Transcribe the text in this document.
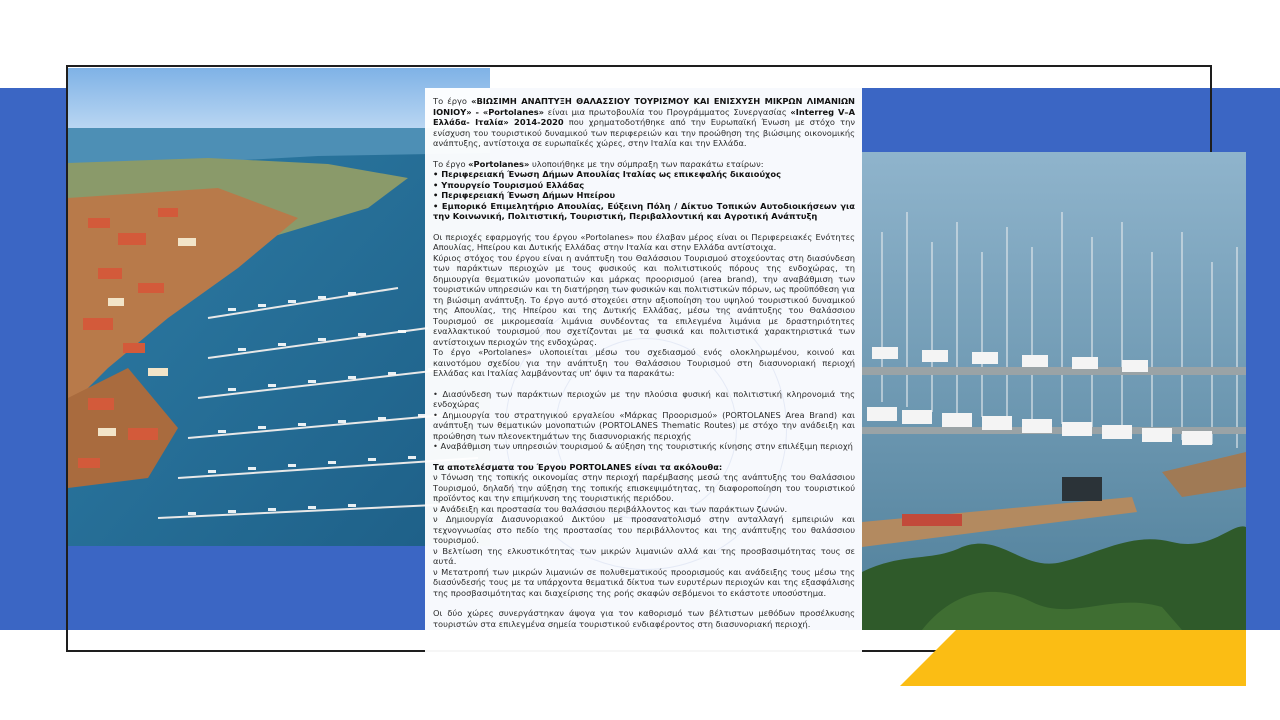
Το έργο «ΒΙΩΣΙΜΗ ΑΝΑΠΤΥΞΗ ΘΑΛΑΣΣΙΟΥ ΤΟΥΡΙΣΜΟΥ ΚΑΙ ΕΝΙΣΧΥΣΗ ΜΙΚΡΩΝ ΛΙΜΑΝΙΩΝ ΙΟΝΙΟΥ» - «Portolanes» είναι μια πρωτοβουλία του Προγράμματος Συνεργασίας «Interreg V–A Ελλάδα- Ιταλία» 2014-2020 που χρηματοδοτήθηκε από την Ευρωπαϊκή Ένωση με στόχο την ενίσχυση του τουριστικού δυναμικού των περιφερειών και την προώθηση της βιώσιμης οικονομικής ανάπτυξης, αντίστοιχα σε ευρωπαϊκές χώρες, στην Ιταλία και την Ελλάδα.

Το έργο «Portolanes» υλοποιήθηκε με την σύμπραξη των παρακάτω εταίρων:

• Περιφερειακή Ένωση Δήμων Απουλίας Ιταλίας ως επικεφαλής δικαιούχος

• Υπουργείο Τουρισμού Ελλάδας

• Περιφερειακή Ένωση Δήμων Ηπείρου

• Εμπορικό Επιμελητήριο Απουλίας, Εύξεινη Πόλη / Δίκτυο Τοπικών Αυτοδιοικήσεων για την Κοινωνική, Πολιτιστική, Τουριστική, Περιβαλλοντική και Αγροτική Ανάπτυξη

Οι περιοχές εφαρμογής του έργου «Portolanes» που έλαβαν μέρος είναι οι Περιφερειακές Ενότητες Απουλίας, Ηπείρου και Δυτικής Ελλάδας στην Ιταλία και στην Ελλάδα αντίστοιχα.

Κύριος στόχος του έργου είναι η ανάπτυξη του Θαλάσσιου Τουρισμού στοχεύοντας στη διασύνδεση των παράκτιων περιοχών με τους φυσικούς και πολιτιστικούς πόρους της ενδοχώρας, τη δημιουργία θεματικών μονοπατιών και μάρκας προορισμού (area brand), την αναβάθμιση των τουριστικών υπηρεσιών και τη διατήρηση των φυσικών και πολιτιστικών πόρων, ως προϋπόθεση για τη βιώσιμη ανάπτυξη. Το έργο αυτό στοχεύει στην αξιοποίηση του υψηλού τουριστικού δυναμικού της Απουλίας, της Ηπείρου και της Δυτικής Ελλάδας, μέσω της ανάπτυξης του Θαλάσσιου Τουρισμού σε μικρομεσαία λιμάνια συνδέοντας τα επιλεγμένα λιμάνια με δραστηριότητες εναλλακτικού τουρισμού που σχετίζονται με τα φυσικά και πολιτιστικά χαρακτηριστικά των αντίστοιχων περιοχών της ενδοχώρας.

Το έργο «Portolanes» υλοποιείται μέσω του σχεδιασμού ενός ολοκληρωμένου, κοινού και καινοτόμου σχεδίου για την ανάπτυξη του Θαλάσσιου Τουρισμού στη διασυνοριακή περιοχή Ελλάδας και Ιταλίας λαμβάνοντας υπ' όψιν τα παρακάτω:

• Διασύνδεση των παράκτιων περιοχών με την πλούσια φυσική και πολιτιστική κληρονομιά της ενδοχώρας

• Δημιουργία του στρατηγικού εργαλείου «Μάρκας Προορισμού» (PORTOLANES Area Brand) και ανάπτυξη των θεματικών μονοπατιών (PORTOLANES Thematic Routes) με στόχο την ανάδειξη και προώθηση των πλεονεκτημάτων της διασυνοριακής περιοχής

• Αναβάθμιση των υπηρεσιών τουρισμού & αύξηση της τουριστικής κίνησης στην επιλέξιμη περιοχή

Τα αποτελέσματα του Έργου PORTOLANES είναι τα ακόλουθα:

ν Τόνωση της τοπικής οικονομίας στην περιοχή παρέμβασης μεσώ της ανάπτυξης του Θαλάσσιου Τουρισμού, δηλαδή την αύξηση της τοπικής επισκεψιμότητας, τη διαφοροποίηση του τουριστικού προϊόντος και την επιμήκυνση της τουριστικής περιόδου.

ν Ανάδειξη και προστασία του θαλάσσιου περιβάλλοντος και των παράκτιων ζωνών.

ν Δημιουργία Διασυνοριακού Δικτύου με προσανατολισμό στην ανταλλαγή εμπειριών και τεχνογνωσίας στο πεδίο της προστασίας του περιβάλλοντος και της ανάπτυξης του θαλάσσιου τουρισμού.

ν Βελτίωση της ελκυστικότητας των μικρών λιμανιών αλλά και της προσβασιμότητας τους σε αυτά.

ν Μετατροπή των μικρών λιμανιών σε πολυθεματικούς προορισμούς και ανάδειξης τους μέσω της διασύνδεσής τους με τα υπάρχοντα θεματικά δίκτυα των ευρυτέρων περιοχών και της εξασφάλισης της προσβασιμότητας και διαχείρισης της ροής σκαφών σεβόμενοι το εκάστοτε υποσύστημα.

Οι δύο χώρες συνεργάστηκαν άψογα για τον καθορισμό των βέλτιστων μεθόδων προσέλκυσης τουριστών στα επιλεγμένα σημεία τουριστικού ενδιαφέροντος στη διασυνοριακή περιοχή.
